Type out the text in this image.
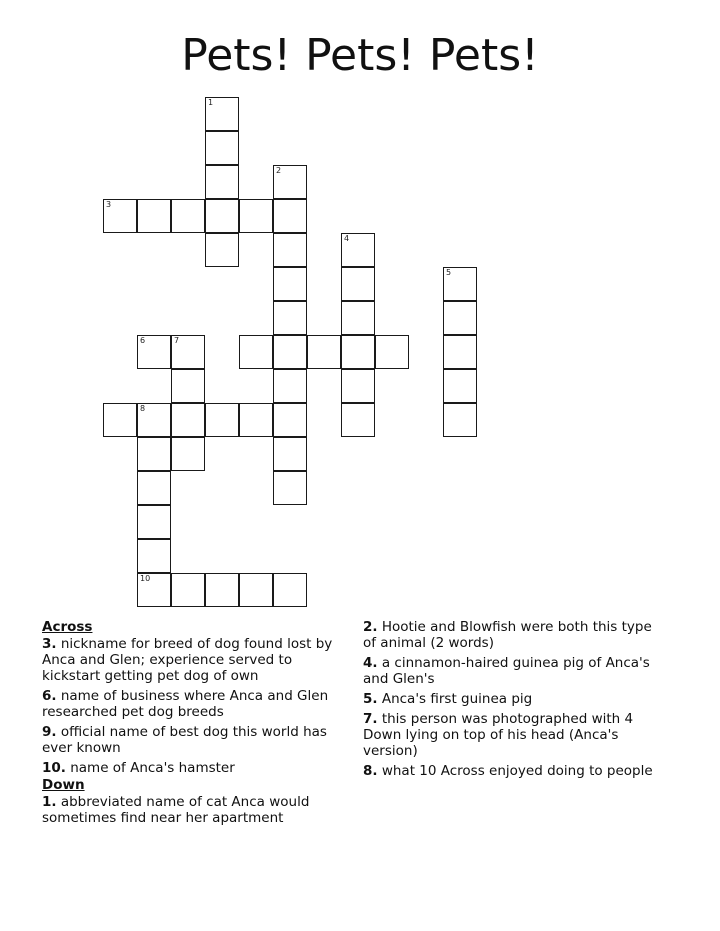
Pets! Pets! Pets!
1
2
3
4
5
6	7
8
10
Across
3. nickname for breed of dog found lost by Anca and Glen; experience served to kickstart getting pet dog of own
6. name of business where Anca and Glen researched pet dog breeds
9. official name of best dog this world has ever known
10. name of Anca's hamster
Down
1. abbreviated name of cat Anca would sometimes find near her apartment
2. Hootie and Blowfish were both this type of animal (2 words)
4. a cinnamon-haired guinea pig of Anca's and Glen's
5. Anca's first guinea pig
7. this person was photographed with 4 Down lying on top of his head (Anca's version)
8. what 10 Across enjoyed doing to people
